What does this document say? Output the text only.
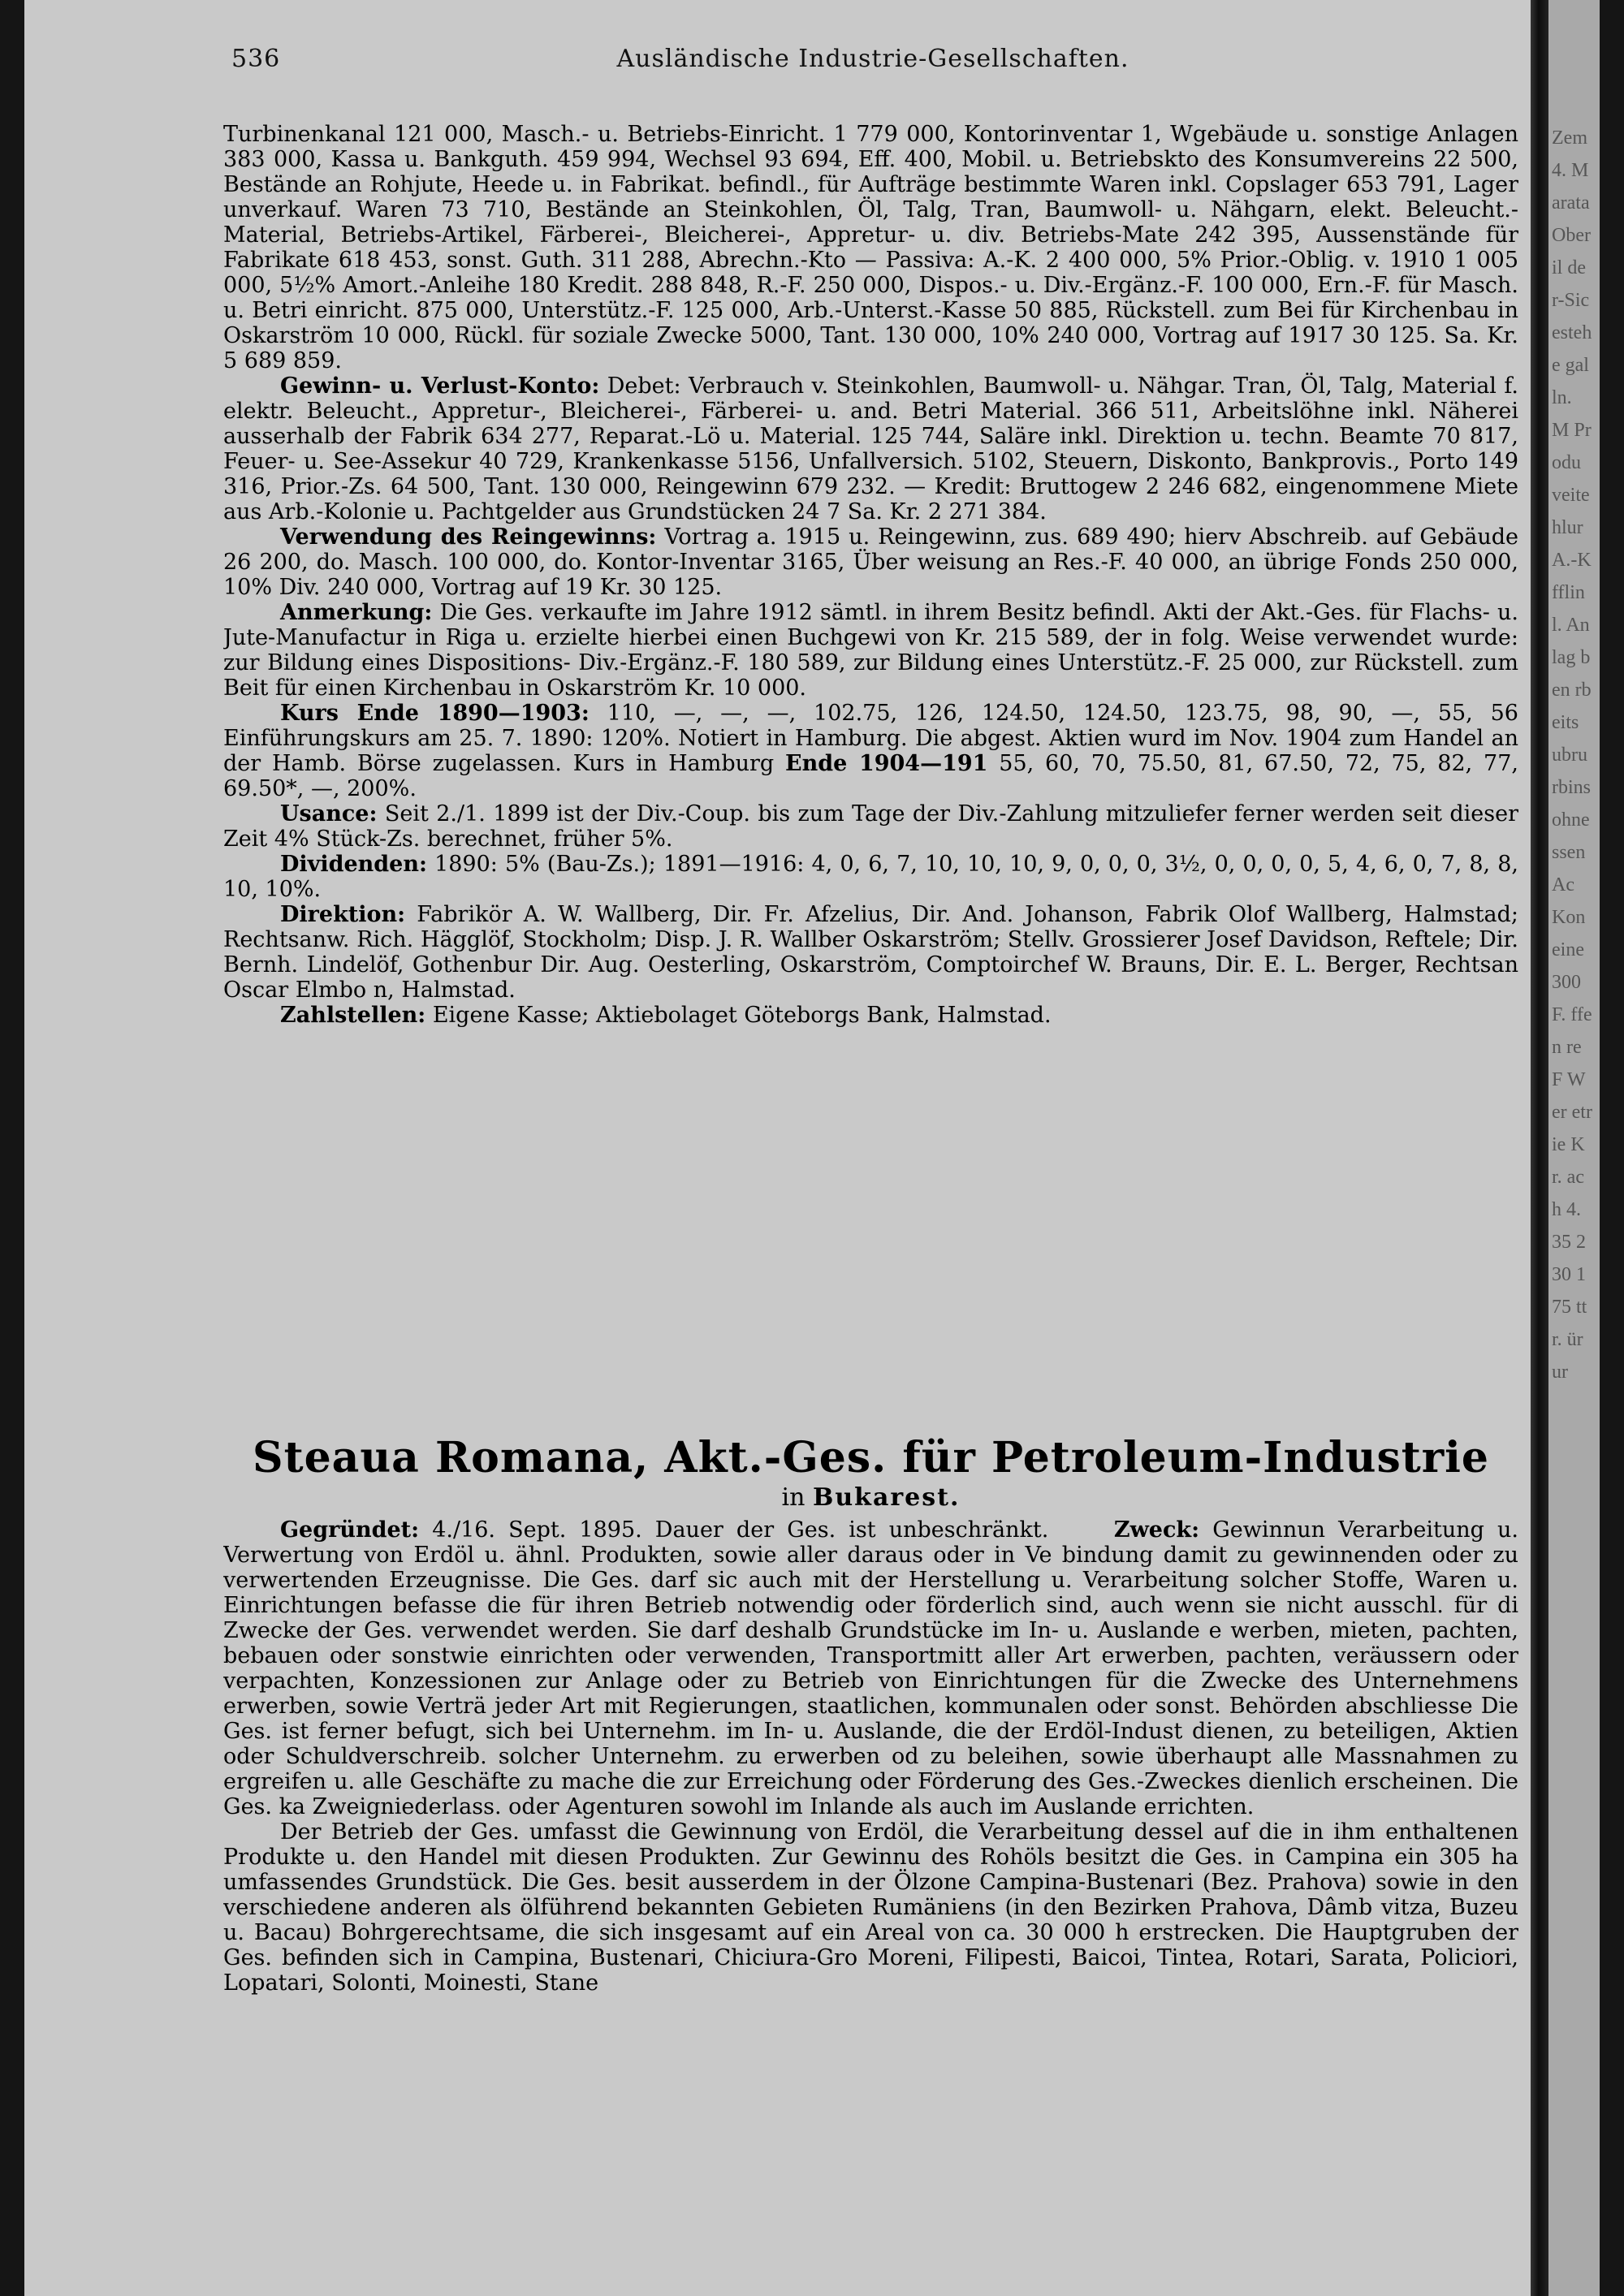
536	Ausländische Industrie-Gesellschaften.

Turbinenkanal 121 000, Masch.- u. Betriebs-Einricht. 1 779 000, Kontorinventar 1, Wgebäude u. sonstige Anlagen 383 000, Kassa u. Bankguth. 459 994, Wechsel 93 694, Eff. 400, Mobil. u. Betriebskto des Konsumvereins 22 500, Bestände an Rohjute, Heede u. in Fabrikat. befindl., für Aufträge bestimmte Waren inkl. Copslager 653 791, Lager unverkauf. Waren 73 710, Bestände an Steinkohlen, Öl, Talg, Tran, Baumwoll- u. Nähgarn, elekt. Beleucht.-Material, Betriebs-Artikel, Färberei-, Bleicherei-, Appretur- u. div. Betriebs-Mate 242 395, Aussenstände für Fabrikate 618 453, sonst. Guth. 311 288, Abrechn.-Kto — Passiva: A.-K. 2 400 000, 5% Prior.-Oblig. v. 1910 1 005 000, 5½% Amort.-Anleihe 180 Kredit. 288 848, R.-F. 250 000, Dispos.- u. Div.-Ergänz.-F. 100 000, Ern.-F. für Masch. u. Betri einricht. 875 000, Unterstütz.-F. 125 000, Arb.-Unterst.-Kasse 50 885, Rückstell. zum Bei für Kirchenbau in Oskarström 10 000, Rückl. für soziale Zwecke 5000, Tant. 130 000, 10% 240 000, Vortrag auf 1917 30 125. Sa. Kr. 5 689 859.

Gewinn- u. Verlust-Konto: Debet: Verbrauch v. Steinkohlen, Baumwoll- u. Nähgar. Tran, Öl, Talg, Material f. elektr. Beleucht., Appretur-, Bleicherei-, Färberei- u. and. Betri Material. 366 511, Arbeitslöhne inkl. Näherei ausserhalb der Fabrik 634 277, Reparat.-Lö u. Material. 125 744, Saläre inkl. Direktion u. techn. Beamte 70 817, Feuer- u. See-Assekur 40 729, Krankenkasse 5156, Unfallversich. 5102, Steuern, Diskonto, Bankprovis., Porto 149 316, Prior.-Zs. 64 500, Tant. 130 000, Reingewinn 679 232. — Kredit: Bruttogew 2 246 682, eingenommene Miete aus Arb.-Kolonie u. Pachtgelder aus Grundstücken 24 7 Sa. Kr. 2 271 384.

Verwendung des Reingewinns: Vortrag a. 1915 u. Reingewinn, zus. 689 490; hierv Abschreib. auf Gebäude 26 200, do. Masch. 100 000, do. Kontor-Inventar 3165, Über weisung an Res.-F. 40 000, an übrige Fonds 250 000, 10% Div. 240 000, Vortrag auf 19 Kr. 30 125.

Anmerkung: Die Ges. verkaufte im Jahre 1912 sämtl. in ihrem Besitz befindl. Akti der Akt.-Ges. für Flachs- u. Jute-Manufactur in Riga u. erzielte hierbei einen Buchgewi von Kr. 215 589, der in folg. Weise verwendet wurde: zur Bildung eines Dispositions- Div.-Ergänz.-F. 180 589, zur Bildung eines Unterstütz.-F. 25 000, zur Rückstell. zum Beit für einen Kirchenbau in Oskarström Kr. 10 000.

Kurs Ende 1890—1903: 110, —, —, —, 102.75, 126, 124.50, 124.50, 123.75, 98, 90, —, 55, 56 Einführungskurs am 25. 7. 1890: 120%. Notiert in Hamburg. Die abgest. Aktien wurd im Nov. 1904 zum Handel an der Hamb. Börse zugelassen. Kurs in Hamburg Ende 1904—191 55, 60, 70, 75.50, 81, 67.50, 72, 75, 82, 77, 69.50*, —, 200%.

Usance: Seit 2./1. 1899 ist der Div.-Coup. bis zum Tage der Div.-Zahlung mitzuliefer ferner werden seit dieser Zeit 4% Stück-Zs. berechnet, früher 5%.

Dividenden: 1890: 5% (Bau-Zs.); 1891—1916: 4, 0, 6, 7, 10, 10, 10, 9, 0, 0, 0, 3½, 0, 0, 0, 0, 5, 4, 6, 0, 7, 8, 8, 10, 10%.

Direktion: Fabrikör A. W. Wallberg, Dir. Fr. Afzelius, Dir. And. Johanson, Fabrik Olof Wallberg, Halmstad; Rechtsanw. Rich. Hägglöf, Stockholm; Disp. J. R. Wallber Oskarström; Stellv. Grossierer Josef Davidson, Reftele; Dir. Bernh. Lindelöf, Gothenbur Dir. Aug. Oesterling, Oskarström, Comptoirchef W. Brauns, Dir. E. L. Berger, Rechtsan Oscar Elmbo n, Halmstad.

Zahlstellen: Eigene Kasse; Aktiebolaget Göteborgs Bank, Halmstad.

Steaua Romana, Akt.-Ges. für Petroleum-Industrie
in Bukarest.

Gegründet: 4./16. Sept. 1895. Dauer der Ges. ist unbeschränkt.	Zweck: Gewinnun Verarbeitung u. Verwertung von Erdöl u. ähnl. Produkten, sowie aller daraus oder in Ve bindung damit zu gewinnenden oder zu verwertenden Erzeugnisse. Die Ges. darf sic auch mit der Herstellung u. Verarbeitung solcher Stoffe, Waren u. Einrichtungen befasse die für ihren Betrieb notwendig oder förderlich sind, auch wenn sie nicht ausschl. für di Zwecke der Ges. verwendet werden. Sie darf deshalb Grundstücke im In- u. Auslande e werben, mieten, pachten, bebauen oder sonstwie einrichten oder verwenden, Transportmitt aller Art erwerben, pachten, veräussern oder verpachten, Konzessionen zur Anlage oder zu Betrieb von Einrichtungen für die Zwecke des Unternehmens erwerben, sowie Verträ jeder Art mit Regierungen, staatlichen, kommunalen oder sonst. Behörden abschliesse Die Ges. ist ferner befugt, sich bei Unternehm. im In- u. Auslande, die der Erdöl-Indust dienen, zu beteiligen, Aktien oder Schuldverschreib. solcher Unternehm. zu erwerben od zu beleihen, sowie überhaupt alle Massnahmen zu ergreifen u. alle Geschäfte zu mache die zur Erreichung oder Förderung des Ges.-Zweckes dienlich erscheinen. Die Ges. ka Zweigniederlass. oder Agenturen sowohl im Inlande als auch im Auslande errichten.

Der Betrieb der Ges. umfasst die Gewinnung von Erdöl, die Verarbeitung dessel auf die in ihm enthaltenen Produkte u. den Handel mit diesen Produkten. Zur Gewinnu des Rohöls besitzt die Ges. in Campina ein 305 ha umfassendes Grundstück. Die Ges. besit ausserdem in der Ölzone Campina-Bustenari (Bez. Prahova) sowie in den verschiedene anderen als ölführend bekannten Gebieten Rumäniens (in den Bezirken Prahova, Dâmb vitza, Buzeu u. Bacau) Bohrgerechtsame, die sich insgesamt auf ein Areal von ca. 30 000 h erstrecken. Die Hauptgruben der Ges. befinden sich in Campina, Bustenari, Chiciura-Gro Moreni, Filipesti, Baicoi, Tintea, Rotari, Sarata, Policiori, Lopatari, Solonti, Moinesti, Stane

Zem 4. M arata Ober il de r-Sic estehe gal ln. M Produ veite hlur A.-K fflin l. Anlag ben rbeits ubru rbins ohne ssen Ac Kon eine 300 F. ffen re F Wer etrie Kr. ach 4. 35 230 175 ttr. ür ur
